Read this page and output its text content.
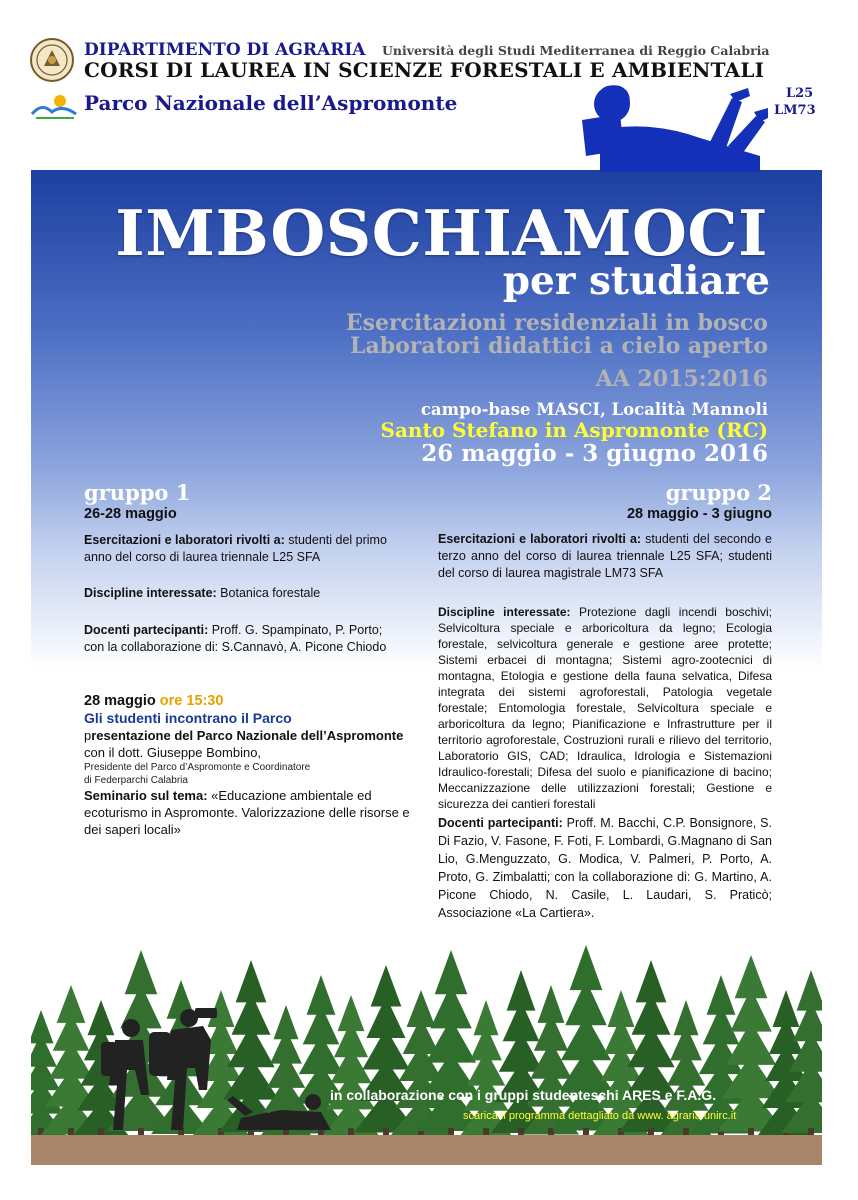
DIPARTIMENTO DI AGRARIA Università degli Studi Mediterranea di Reggio Calabria
CORSI DI LAUREA IN SCIENZE FORESTALI E AMBIENTALI
Parco Nazionale dell’Aspromonte	L25
LM73
IMBOSCHIAMOCI
per studiare
Esercitazioni residenziali in bosco
Laboratori didattici a cielo aperto
AA 2015:2016
campo-base MASCI, Località Mannoli
Santo Stefano in Aspromonte (RC)
26 maggio - 3 giugno 2016
gruppo 1
26-28 maggio
gruppo 2
28 maggio - 3 giugno
Esercitazioni e laboratori rivolti a: studenti del primo anno del corso di laurea triennale L25 SFA
Discipline interessate: Botanica forestale
Docenti partecipanti: Proff. G. Spampinato, P. Porto; con la collaborazione di: S.Cannavò, A. Picone Chiodo
28 maggio ore 15:30
Gli studenti incontrano il Parco
presentazione del Parco Nazionale dell’Aspromonte
con il dott. Giuseppe Bombino,
Presidente del Parco d’Aspromonte e Coordinatore
di Federparchi Calabria
Seminario sul tema: «Educazione ambientale ed ecoturismo in Aspromonte. Valorizzazione delle risorse e dei saperi locali»
Esercitazioni e laboratori rivolti a: studenti del secondo e terzo anno del corso di laurea triennale L25 SFA; studenti del corso di laurea magistrale LM73 SFA
Discipline interessate: Protezione dagli incendi boschivi; Selvicoltura speciale e arboricoltura da legno; Ecologia forestale, selvicoltura generale e gestione aree protette; Sistemi erbacei di montagna; Sistemi agro-zootecnici di montagna, Etologia e gestione della fauna selvatica, Difesa integrata dei sistemi agroforestali, Patologia vegetale forestale; Entomologia forestale, Selvicoltura speciale e arboricoltura da legno; Pianificazione e Infrastrutture per il territorio agroforestale, Costruzioni rurali e rilievo del territorio, Laboratorio GIS, CAD; Idraulica, Idrologia e Sistemazioni Idraulico-forestali; Difesa del suolo e pianificazione di bacino; Meccanizzazione delle utilizzazioni forestali; Gestione e sicurezza dei cantieri forestali
Docenti partecipanti: Proff. M. Bacchi, C.P. Bonsignore, S. Di Fazio, V. Fasone, F. Foti, F. Lombardi, G.Magnano di San Lio, G.Menguzzato, G. Modica, V. Palmeri, P. Porto, A. Proto, G. Zimbalatti; con la collaborazione di: G. Martino, A. Picone Chiodo, N. Casile, L. Laudari, S. Praticò; Associazione «La Cartiera».
in collaborazione con i gruppi studenteschi ARES e F.A.G.
scarica il programma dettagliato da www. agraria.unirc.it
